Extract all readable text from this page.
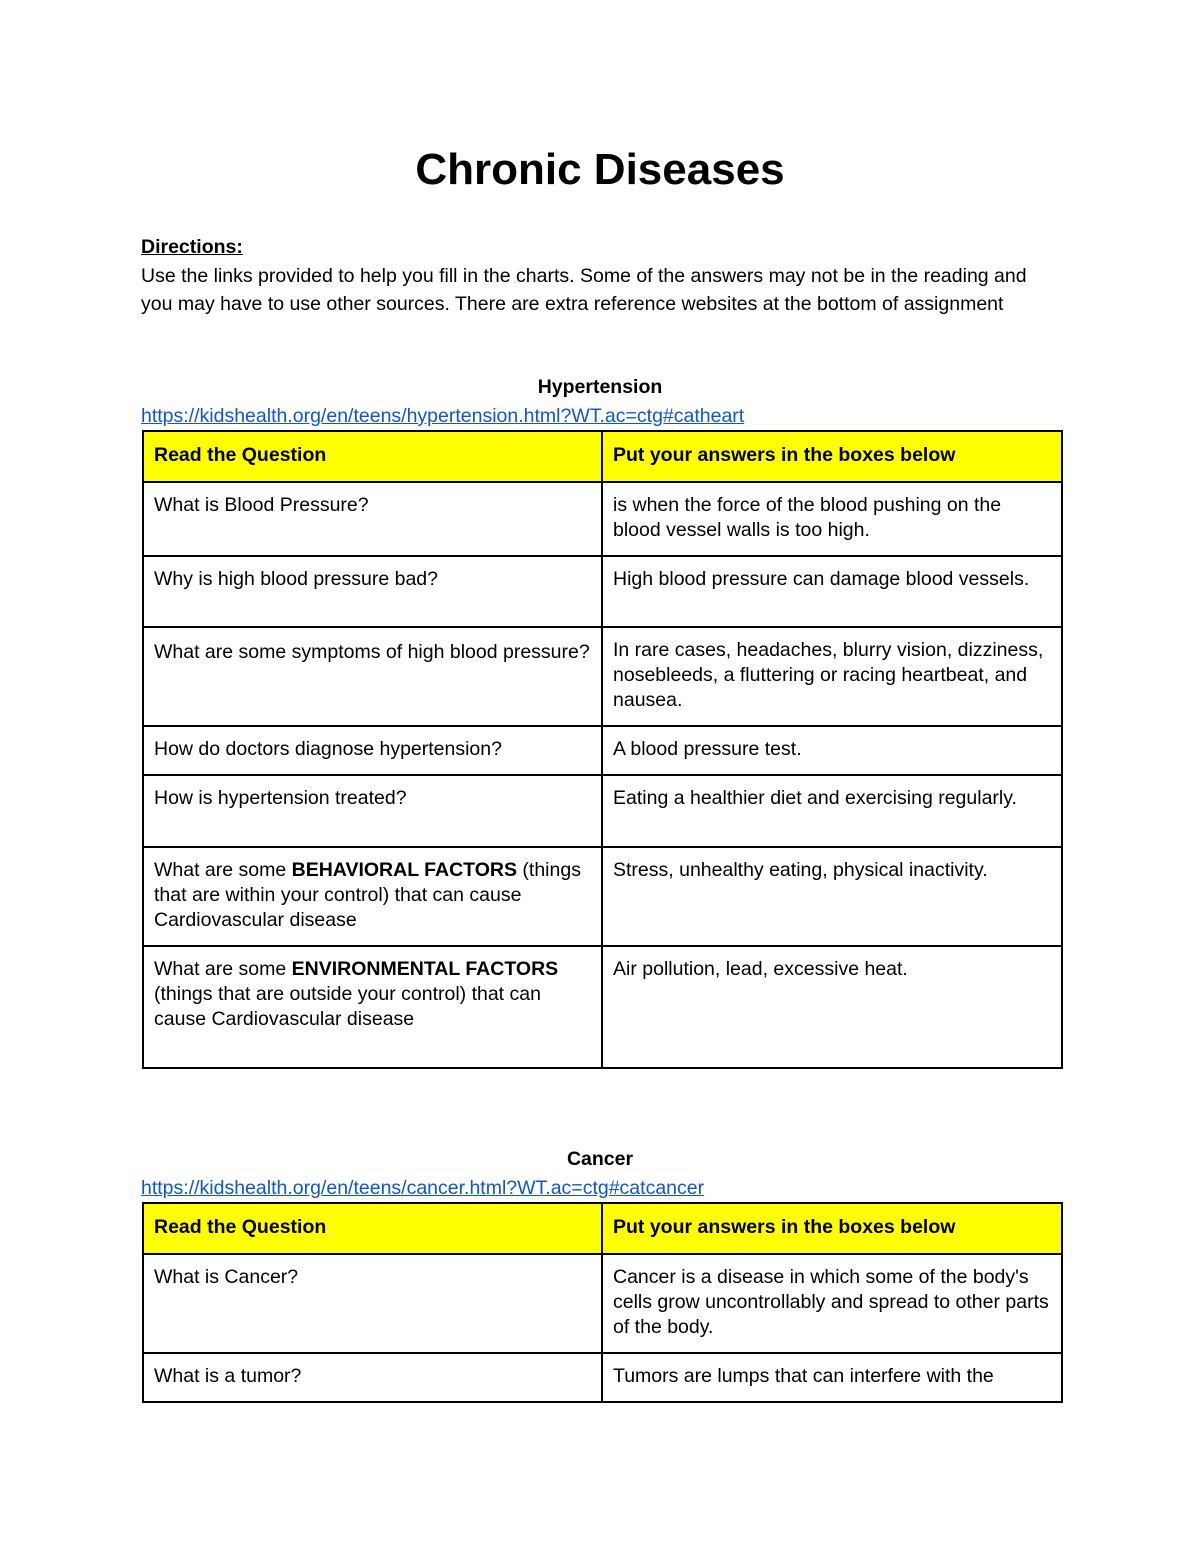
Chronic Diseases
Directions:
Use the links provided to help you fill in the charts. Some of the answers may not be in the reading and you may have to use other sources. There are extra reference websites at the bottom of assignment
Hypertension
https://kidshealth.org/en/teens/hypertension.html?WT.ac=ctg#catheart
Read the Question	Put your answers in the boxes below
What is Blood Pressure?	is when the force of the blood pushing on the blood vessel walls is too high.
Why is high blood pressure bad?	High blood pressure can damage blood vessels.

What are some symptoms of high blood pressure?	In rare cases, headaches, blurry vision, dizziness, nosebleeds, a fluttering or racing heartbeat, and nausea.
How do doctors diagnose hypertension?	A blood pressure test.
How is hypertension treated?	Eating a healthier diet and exercising regularly.
What are some BEHAVIORAL FACTORS (things that are within your control) that can cause Cardiovascular disease	Stress, unhealthy eating, physical inactivity.
What are some ENVIRONMENTAL FACTORS (things that are outside your control) that can cause Cardiovascular disease	Air pollution, lead, excessive heat.
Cancer
https://kidshealth.org/en/teens/cancer.html?WT.ac=ctg#catcancer
Read the Question	Put your answers in the boxes below
What is Cancer?	Cancer is a disease in which some of the body's cells grow uncontrollably and spread to other parts of the body.
What is a tumor?	Tumors are lumps that can interfere with the
